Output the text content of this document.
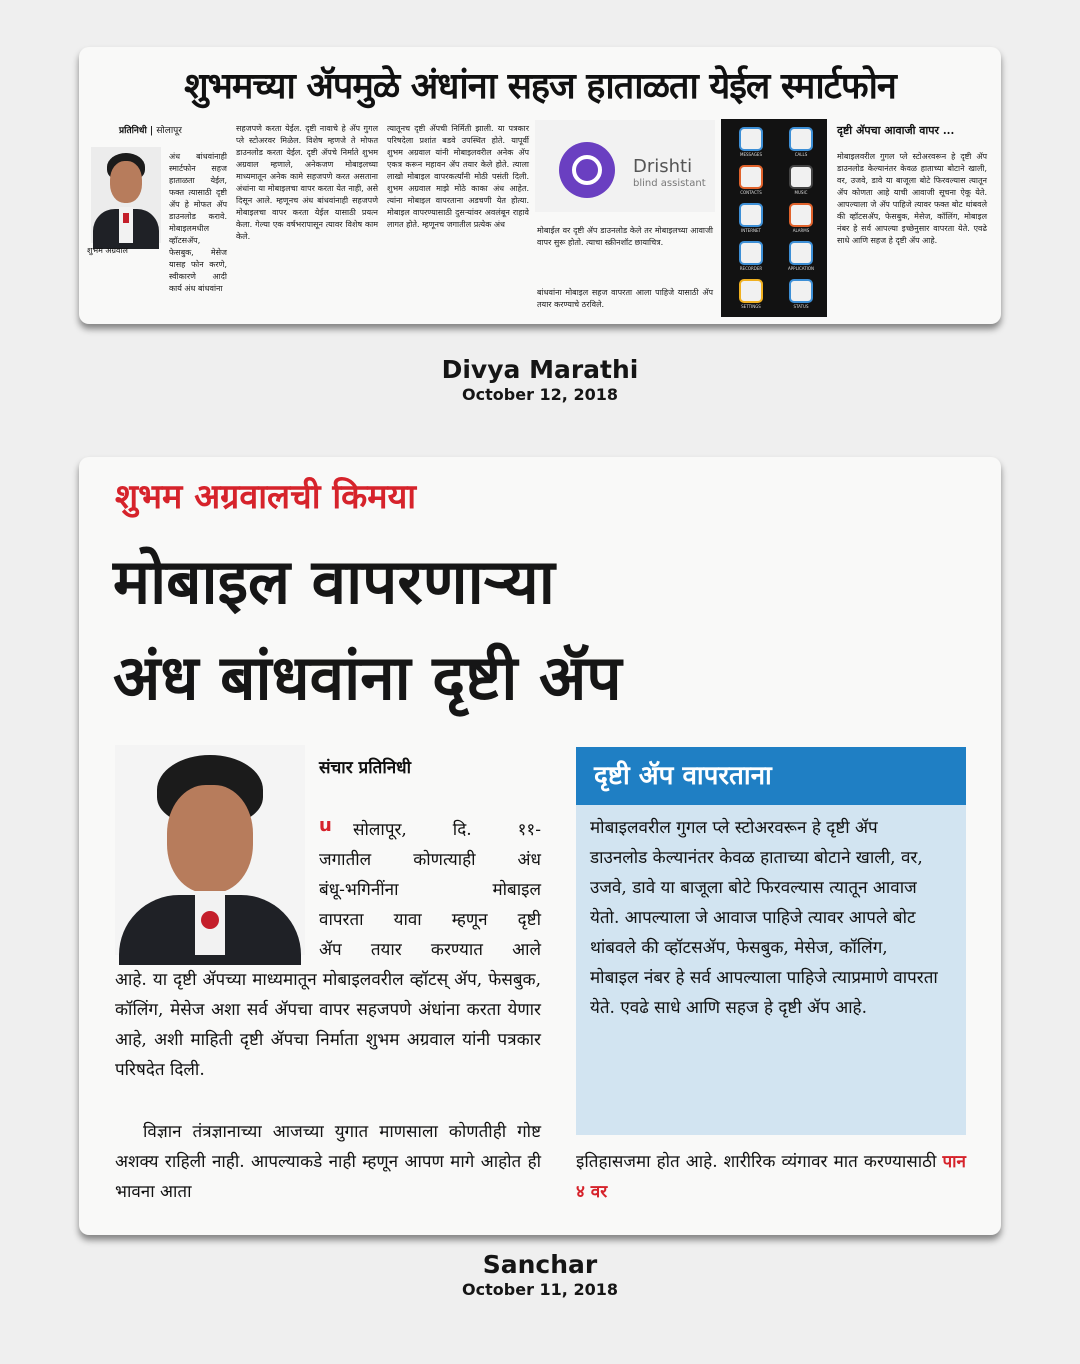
शुभमच्या ॲपमुळे अंधांना सहज हाताळता येईल स्मार्टफोन
प्रतिनिधी | सोलापूर
शुभम अग्रवाल
अंध बांधवांनाही स्मार्टफोन सहज हाताळता येईल, फक्त त्यासाठी दृष्टी ॲप हे मोफत ॲप डाउनलोड करावे. मोबाइलमधील व्हॉटसॲप, फेसबुक, मेसेज यासह फोन करणे, स्वीकारणे आदी कार्य अंध बांधवांना
सहजपणे करता येईल. दृष्टी नावाचे हे ॲप गुगल प्ले स्टोअरवर मिळेल. विशेष म्हणजे ते मोफत डाउनलोड करता येईल. दृष्टी ॲपचे निर्माते शुभम अग्रवाल म्हणाले, अनेकजण मोबाइलच्या माध्यमातून अनेक कामे सहजपणे करत असताना अंधांना या मोबाइलचा वापर करता येत नाही, असे दिसून आले. म्हणूनच अंध बांधवांनाही सहजपणे मोबाइलचा वापर करता येईल यासाठी प्रयत्न केला. गेल्या एक वर्षभरापासून त्यावर विशेष काम केले.
त्यातूनच दृष्टी ॲपची निर्मिती झाली. या पत्रकार परिषदेला प्रशांत बडवे उपस्थित होते. यापूर्वी शुभम अग्रवाल यांनी मोबाइलवरील अनेक ॲप एकत्र करून महावन ॲप तयार केले होते. त्याला लाखो मोबाइल वापरकर्त्यांनी मोठी पसंती दिली. शुभम अग्रवाल माझे मोठे काका अंध आहेत. त्यांना मोबाइल वापरताना अडचणी येत होत्या. मोबाइल वापरण्यासाठी दुसऱ्यांवर अवलंबून राहावे लागत होते. म्हणूनच जगातील प्रत्येक अंध
Drishti
blind assistant
मोबाईल वर दृष्टी ॲप डाउनलोड केले तर मोबाइलच्या आवाजी वापर सुरू होतो. त्याचा स्क्रीनशॉट छायाचित्र.
बांधवांना मोबाइल सहज वापरता आला पाहिजे यासाठी ॲप तयार करण्याचे ठरविले.
MESSAGES	CALLS
CONTACTS	MUSIC
INTERNET	ALARMS
RECORDER	APPLICATION
SETTINGS	STATUS
दृष्टी ॲपचा आवाजी वापर ...
मोबाइलवरील गुगल प्ले स्टोअरवरून हे दृष्टी ॲप डाउनलोड केल्यानंतर केवळ हाताच्या बोटाने खाली, वर, उजवे, डावे या बाजूला बोटे फिरवल्यास त्यातून ॲप कोणता आहे याची आवाजी सूचना ऐकू येते. आपल्याला जे ॲप पाहिजे त्यावर फक्त बोट थांबवले की व्हॉटसॲप, फेसबुक, मेसेज, कॉलिंग, मोबाइल नंबर हे सर्व आपल्या इच्छेनुसार वापरता येते. एवढे साधे आणि सहज हे दृष्टी ॲप आहे.
Divya Marathi
October 12, 2018
शुभम अग्रवालची किमया
मोबाइल वापरणाऱ्या
अंध बांधवांना दृष्टी ॲप
संचार प्रतिनिधी
u	सोलापूर, दि. ११-
जगातील कोणत्याही अंध
बंधू-भगिनींना मोबाइल
वापरता यावा म्हणून दृष्टी
ॲप तयार करण्यात आले
आहे. या दृष्टी ॲपच्या माध्यमातून मोबाइलवरील व्हॉटस् ॲप, फेसबुक, कॉलिंग, मेसेज अशा सर्व ॲपचा वापर सहजपणे अंधांना करता येणार आहे, अशी माहिती दृष्टी ॲपचा निर्माता शुभम अग्रवाल यांनी पत्रकार परिषदेत दिली.
विज्ञान तंत्रज्ञानाच्या आजच्या युगात माणसाला कोणतीही गोष्ट अशक्य राहिली नाही. आपल्याकडे नाही म्हणून आपण मागे आहोत ही भावना आता
दृष्टी ॲप वापरताना
मोबाइलवरील गुगल प्ले स्टोअरवरून हे दृष्टी ॲप डाउनलोड केल्यानंतर केवळ हाताच्या बोटाने खाली, वर, उजवे, डावे या बाजूला बोटे फिरवल्यास त्यातून आवाज येतो. आपल्याला जे आवाज पाहिजे त्यावर आपले बोट थांबवले की व्हॉटसॲप, फेसबुक, मेसेज, कॉलिंग, मोबाइल नंबर हे सर्व आपल्याला पाहिजे त्याप्रमाणे वापरता येते. एवढे साधे आणि सहज हे दृष्टी ॲप आहे.
इतिहासजमा होत आहे. शारीरिक व्यंगावर मात करण्यासाठी पान ४ वर
Sanchar
October 11, 2018
